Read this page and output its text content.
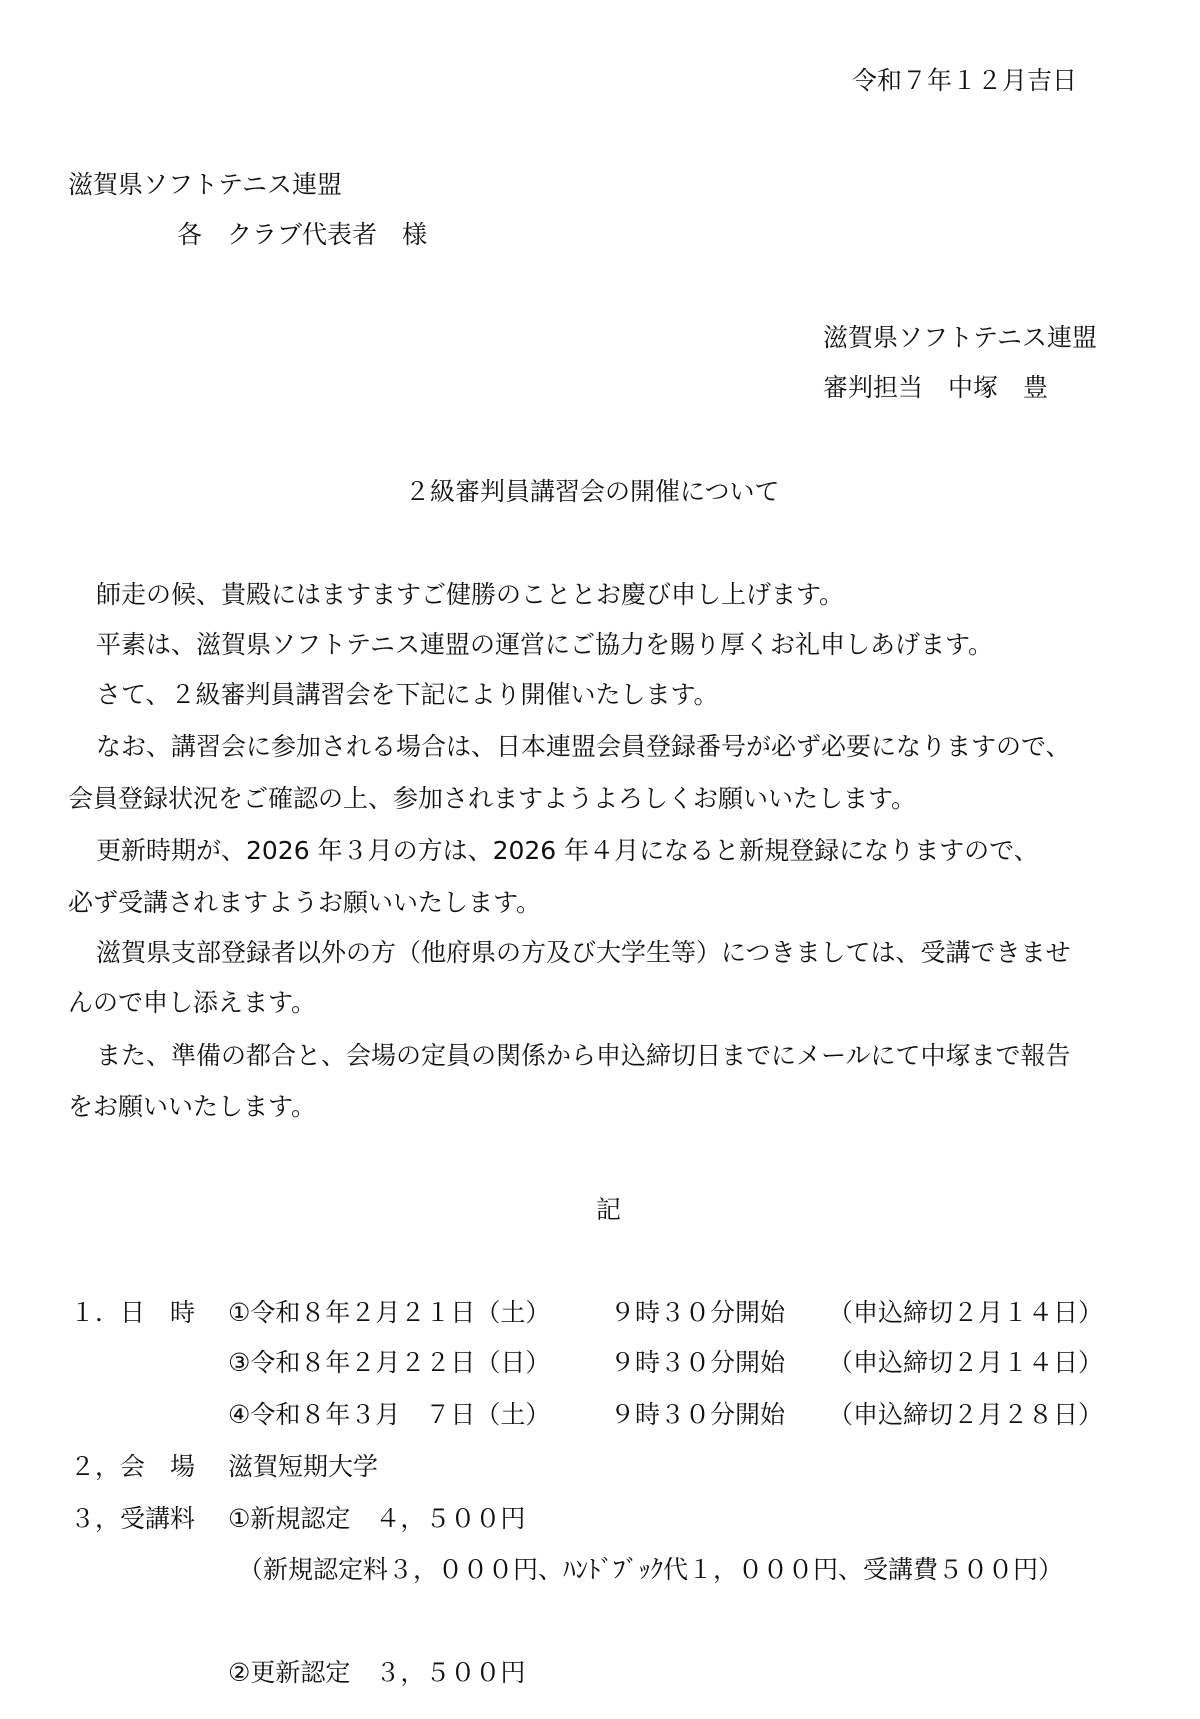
令和７年１２月吉日
滋賀県ソフトテニス連盟
各　クラブ代表者　様
滋賀県ソフトテニス連盟
審判担当　中塚　豊
２級審判員講習会の開催について
師走の候、貴殿にはますますご健勝のこととお慶び申し上げます。
平素は、滋賀県ソフトテニス連盟の運営にご協力を賜り厚くお礼申しあげます。
さて、２級審判員講習会を下記により開催いたします。
なお、講習会に参加される場合は、日本連盟会員登録番号が必ず必要になりますので、
会員登録状況をご確認の上、参加されますようよろしくお願いいたします。
更新時期が、2026 年３月の方は、2026 年４月になると新規登録になりますので、
必ず受講されますようお願いいたします。
滋賀県支部登録者以外の方（他府県の方及び大学生等）につきましては、受講できませ
んので申し添えます。
また、準備の都合と、会場の定員の関係から申込締切日までにメールにて中塚まで報告
をお願いいたします。
記
１．日　時 ①令和８年２月２１日（土） ９時３０分開始 （申込締切２月１４日）
③令和８年２月２２日（日） ９時３０分開始 （申込締切２月１４日）
④令和８年３月　７日（土） ９時３０分開始 （申込締切２月２８日）
２，会　場 滋賀短期大学
３，受講料 ①新規認定　４，５００円
（新規認定料３，０００円、ﾊﾝﾄﾞﾌﾞｯｸ代１，０００円、受講費５００円）
②更新認定　３，５００円
